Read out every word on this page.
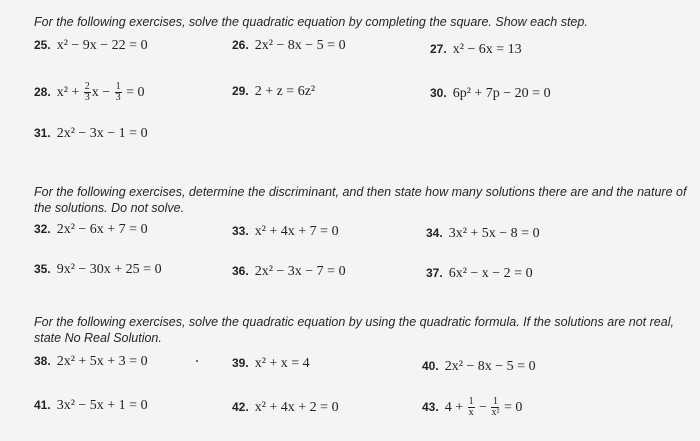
For the following exercises, solve the quadratic equation by completing the square. Show each step.
25. x² − 9x − 22 = 0	26. 2x² − 8x − 5 = 0	27. x² − 6x = 13
28. $x^2 + \frac{2}{3}$ $x - \frac{1}{3} = 0$	29. 2 + z = 6z²	30. 6p² + 7p − 20 = 0
31. 2x² − 3x − 1 = 0
For the following exercises, determine the discriminant, and then state how many solutions there are and the nature of the solutions. Do not solve.
32. 2x² − 6x + 7 = 0	33. x² + 4x + 7 = 0	34. 3x² + 5x − 8 = 0
35. 9x² − 30x + 25 = 0	36. 2x² − 3x − 7 = 0	37. 6x² − x − 2 = 0
For the following exercises, solve the quadratic equation by using the quadratic formula. If the solutions are not real, state No Real Solution.
38. 2x² + 5x + 3 = 0	39. x² + x = 4	40. 2x² − 8x − 5 = 0
41. 3x² − 5x + 1 = 0	42. x² + 4x + 2 = 0	43. $4 + \frac{1}{x} - \frac{1}{\text{x²}} = 0$
